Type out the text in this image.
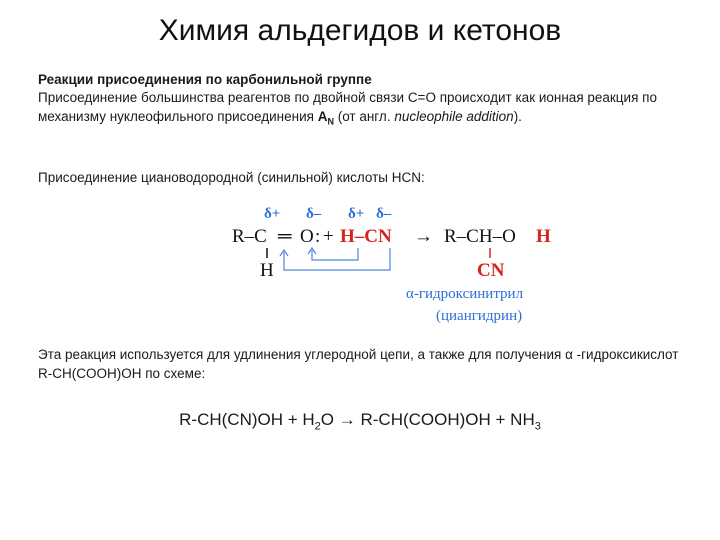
Химия альдегидов и кетонов
Реакции присоединения по карбонильной группе
Присоединение большинства реагентов по двойной связи С=О происходит как ионная реакция по механизму нуклеофильного присоединения $A_N$ (от англ. nucleophile addition).
Присоединение циановодородной (синильной) кислоты HCN:
δ+ δ– δ+ δ–
R–C ═ O : + H–CN → R–CH–O H
H	CN
α-гидроксинитрил
(циангидрин)
Эта реакция используется для удлинения углеродной цепи, а также для получения α -гидроксикислот R-CH(COOH)OH по схеме:
$R-CH(CN)OH + H_2O$ → R-CH(COOH)OH + $NH_3$
